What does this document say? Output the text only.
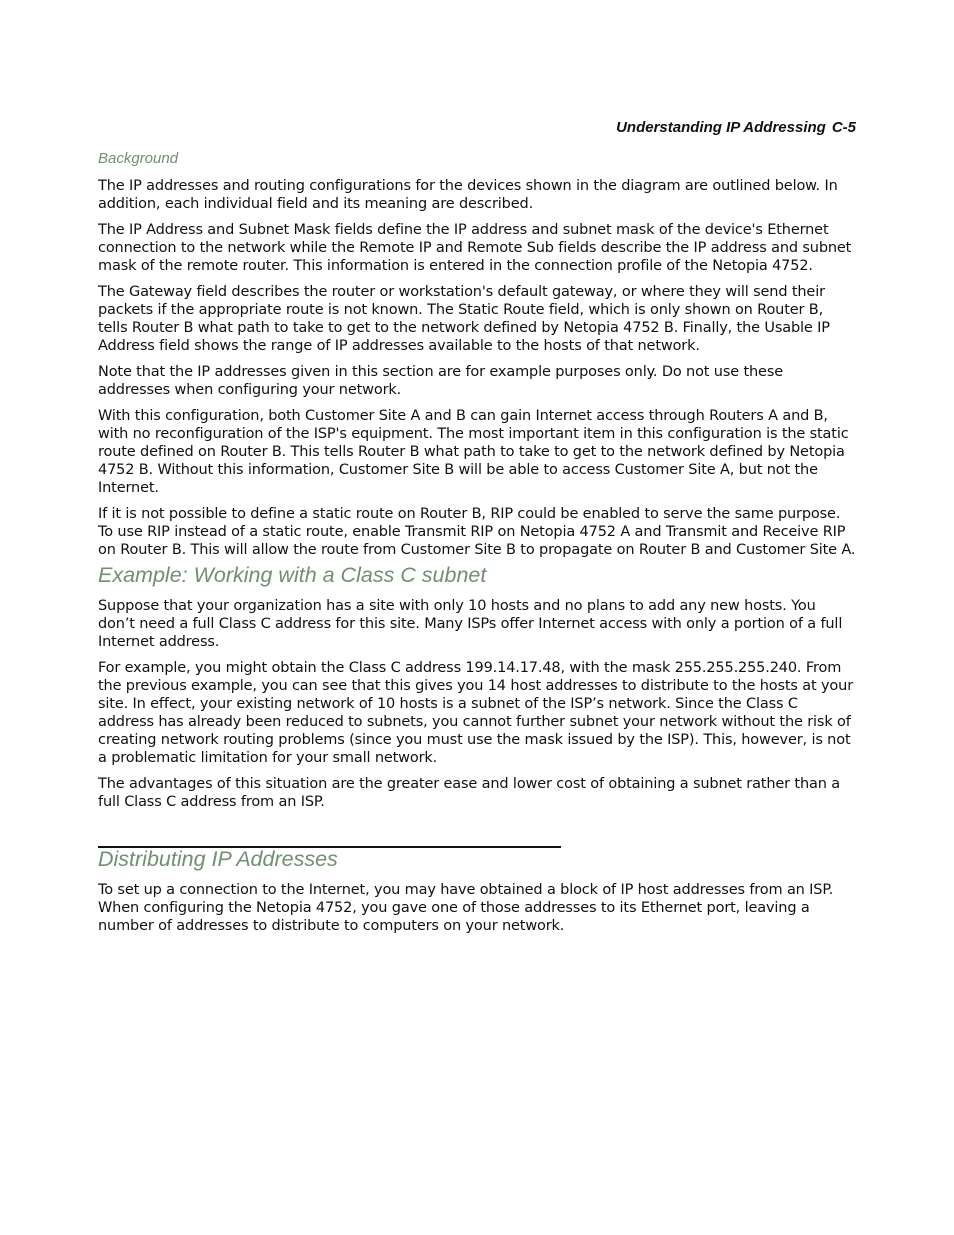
Understanding IP Addressing C-5
Background

The IP addresses and routing configurations for the devices shown in the diagram are outlined below. In addition, each individual field and its meaning are described.

The IP Address and Subnet Mask fields define the IP address and subnet mask of the device's Ethernet connection to the network while the Remote IP and Remote Sub fields describe the IP address and subnet mask of the remote router. This information is entered in the connection profile of the Netopia 4752.

The Gateway field describes the router or workstation's default gateway, or where they will send their packets if the appropriate route is not known. The Static Route field, which is only shown on Router B, tells Router B what path to take to get to the network defined by Netopia 4752 B. Finally, the Usable IP Address field shows the range of IP addresses available to the hosts of that network.

Note that the IP addresses given in this section are for example purposes only. Do not use these addresses when configuring your network.

With this configuration, both Customer Site A and B can gain Internet access through Routers A and B, with no reconfiguration of the ISP's equipment. The most important item in this configuration is the static route defined on Router B. This tells Router B what path to take to get to the network defined by Netopia 4752 B. Without this information, Customer Site B will be able to access Customer Site A, but not the Internet.

If it is not possible to define a static route on Router B, RIP could be enabled to serve the same purpose. To use RIP instead of a static route, enable Transmit RIP on Netopia 4752 A and Transmit and Receive RIP on Router B. This will allow the route from Customer Site B to propagate on Router B and Customer Site A.

Example: Working with a Class C subnet

Suppose that your organization has a site with only 10 hosts and no plans to add any new hosts. You don’t need a full Class C address for this site. Many ISPs offer Internet access with only a portion of a full Internet address.

For example, you might obtain the Class C address 199.14.17.48, with the mask 255.255.255.240. From the previous example, you can see that this gives you 14 host addresses to distribute to the hosts at your site. In effect, your existing network of 10 hosts is a subnet of the ISP’s network. Since the Class C address has already been reduced to subnets, you cannot further subnet your network without the risk of creating network routing problems (since you must use the mask issued by the ISP). This, however, is not a problematic limitation for your small network.

The advantages of this situation are the greater ease and lower cost of obtaining a subnet rather than a full Class C address from an ISP.

Distributing IP Addresses

To set up a connection to the Internet, you may have obtained a block of IP host addresses from an ISP. When configuring the Netopia 4752, you gave one of those addresses to its Ethernet port, leaving a number of addresses to distribute to computers on your network.
